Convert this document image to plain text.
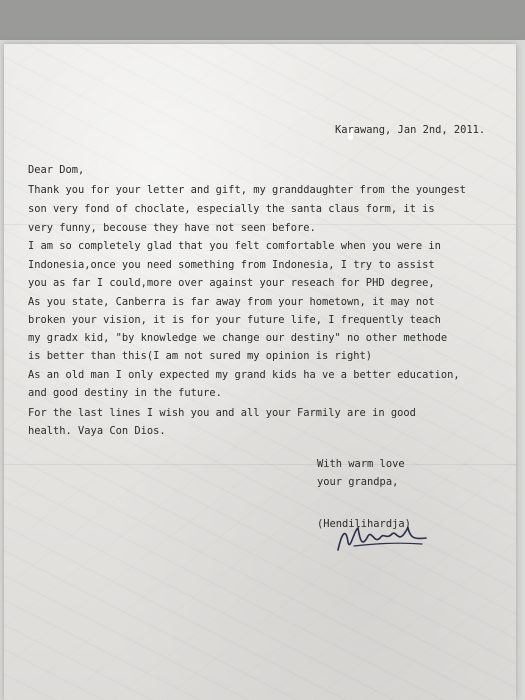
Karawang, Jan 2nd, 2011.
Dear Dom,
Thank you for your letter and gift, my granddaughter from the youngest
son very fond of choclate, especially the santa claus form, it is
very funny, becouse they have not seen before.
I am so completely glad that you felt comfortable when you were in
Indonesia,once you need something from Indonesia, I try to assist
you as far I could,more over against your reseach for PHD degree,
As you state, Canberra is far away from your hometown, it may not
broken your vision, it is for your future life, I frequently teach
my gradx kid, "by knowledge we change our destiny" no other methode
is better than this(I am not sured my opinion is right)
As an old man I only expected my grand kids ha ve a better education,
and good destiny in the future.
For the last lines I wish you and all your Farmily are in good
health. Vaya Con Dios.
With warm love
your grandpa,
(Hendilihardja)
